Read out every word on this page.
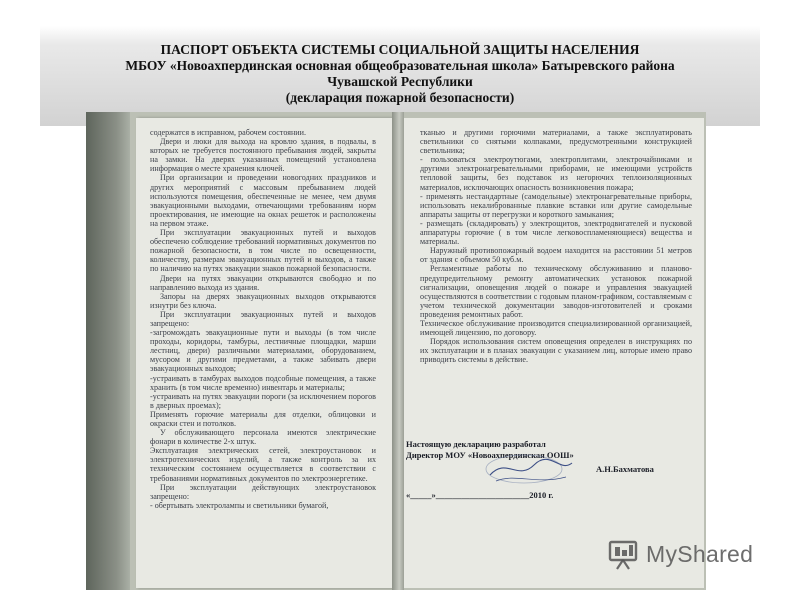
ПАСПОРТ ОБЪЕКТА СИСТЕМЫ СОЦИАЛЬНОЙ ЗАЩИТЫ НАСЕЛЕНИЯ
МБОУ «Новоахпердинская основная общеобразовательная школа» Батыревского района
Чувашской Республики
(декларация пожарной безопасности)

содержатся в исправном, рабочем состоянии.

Двери и люки для выхода на кровлю здания, в подвалы, в которых не требуется постоянного пребывания людей, закрыты на замки. На дверях указанных помещений установлена информация о месте хранения ключей.

При организации и проведении новогодних праздников и других мероприятий с массовым пребыванием людей используются помещения, обеспеченные не менее, чем двумя эвакуационными выходами, отвечающими требованиям норм проектирования, не имеющие на окнах решеток и расположены на первом этаже.

При эксплуатации эвакуационных путей и выходов обеспечено соблюдение требований нормативных документов по пожарной безопасности, в том числе по освещенности, количеству, размерам эвакуационных путей и выходов, а также по наличию на путях эвакуации знаков пожарной безопасности.

Двери на путях эвакуации открываются свободно и по направлению выхода из здания.

Запоры на дверях эвакуационных выходов открываются изнутри без ключа.

При эксплуатации эвакуационных путей и выходов запрещено:

-загромождать эвакуационные пути и выходы (в том числе проходы, коридоры, тамбуры, лестничные площадки, марши лестниц, двери) различными материалами, оборудованием, мусором и другими предметами, а также забивать двери эвакуационных выходов;

-устраивать в тамбурах выходов подсобные помещения, а также хранить (в том числе временно) инвентарь и материалы;

-устраивать на путях эвакуации пороги (за исключением порогов в дверных проемах);

Применять горючие материалы для отделки, облицовки и окраски стен и потолков.

У обслуживающего персонала имеются электрические фонари в количестве 2-х штук.

Эксплуатация электрических сетей, электроустановок и электротехнических изделий, а также контроль за их техническим состоянием осуществляется в соответствии с требованиями нормативных документов по электроэнергетике.

При эксплуатации действующих электроустановок запрещено:

- обертывать электролампы и светильники бумагой,

тканью и другими горючими материалами, а также эксплуатировать светильники со снятыми колпаками, предусмотренными конструкцией светильника;

- пользоваться электроутюгами, электроплитами, электрочайниками и другими электронагревательными приборами, не имеющими устройств тепловой защиты, без подставок из негорючих теплоизоляционных материалов, исключающих опасность возникновения пожара;

- применять нестандартные (самодельные) электронагревательные приборы, использовать некалиброванные плавкие вставки или другие самодельные аппараты защиты от перегрузки и короткого замыкания;

- размещать (складировать) у электрощитов, электродвигателей и пусковой аппаратуры горючие ( в том числе легковоспламеняющиеся) вещества и материалы.

Наружный противопожарный водоем находится на расстоянии 51 метров от здания с объемом 50 куб.м.

Регламентные работы по техническому обслуживанию и планово-предупредительному ремонту автоматических установок пожарной сигнализации, оповещения людей о пожаре и управления эвакуацией осуществляются в соответствии с годовым планом-графиком, составляемым с учетом технической документации заводов-изготовителей и сроками проведения ремонтных работ.

Техническое обслуживание производится специализированной организацией, имеющей лицензию, по договору.

Порядок использования систем оповещения определен в инструкциях по их эксплуатации и в планах эвакуации с указанием лиц, которые имею право приводить системы в действие.

Настоящую декларацию разработал
Директор МОУ «Новоахпердинская ООШ»
А.Н.Бахматова
«_____»______________________2010 г.
MyShared
